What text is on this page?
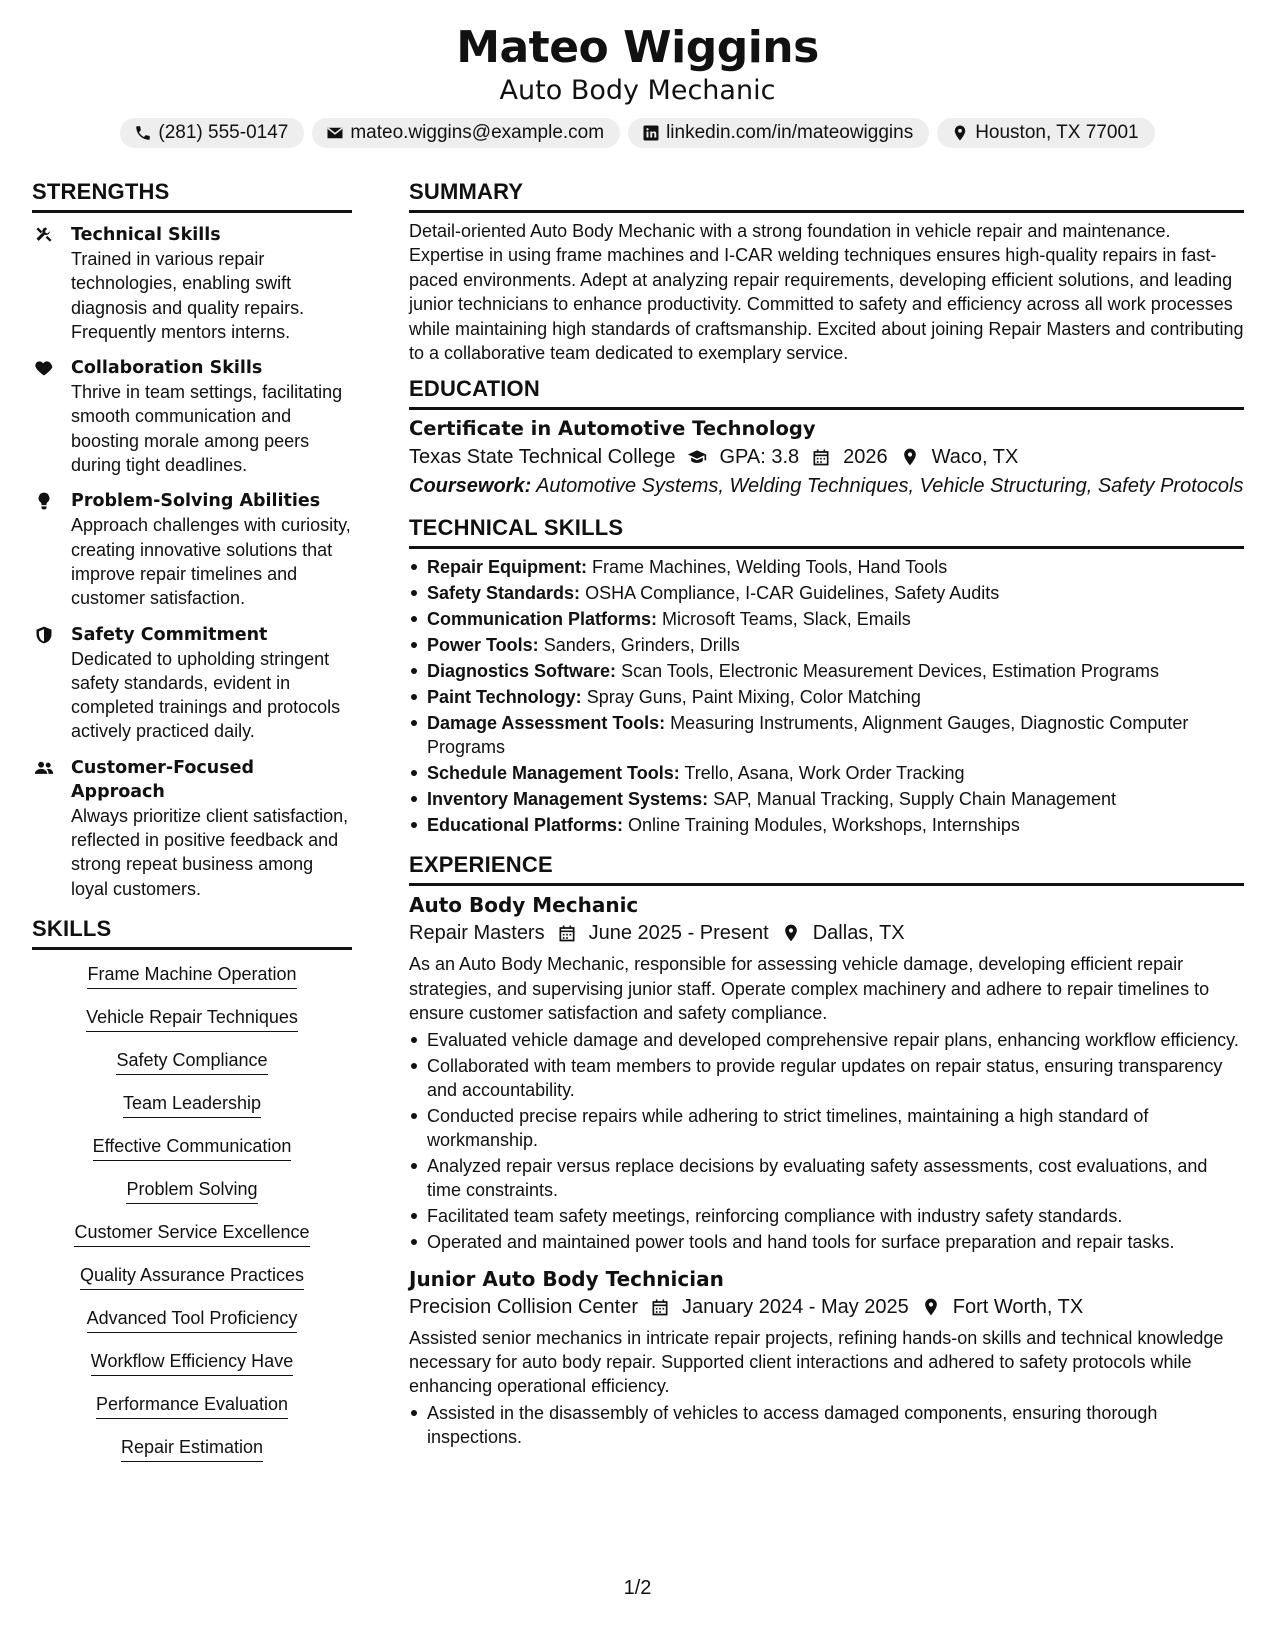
Mateo Wiggins
Auto Body Mechanic
(281) 555-0147	mateo.wiggins@example.com	linkedin.com/in/mateowiggins	Houston, TX 77001
STRENGTHS
Technical Skills
Trained in various repair technologies, enabling swift diagnosis and quality repairs. Frequently mentors interns.
Collaboration Skills
Thrive in team settings, facilitating smooth communication and boosting morale among peers during tight deadlines.
Problem-Solving Abilities
Approach challenges with curiosity, creating innovative solutions that improve repair timelines and customer satisfaction.
Safety Commitment
Dedicated to upholding stringent safety standards, evident in completed trainings and protocols actively practiced daily.
Customer-Focused Approach
Always prioritize client satisfaction, reflected in positive feedback and strong repeat business among loyal customers.
SKILLS
Frame Machine Operation
Vehicle Repair Techniques
Safety Compliance
Team Leadership
Effective Communication
Problem Solving
Customer Service Excellence
Quality Assurance Practices
Advanced Tool Proficiency
Workflow Efficiency Have
Performance Evaluation
Repair Estimation
SUMMARY
Detail-oriented Auto Body Mechanic with a strong foundation in vehicle repair and maintenance. Expertise in using frame machines and I-CAR welding techniques ensures high-quality repairs in fast-paced environments. Adept at analyzing repair requirements, developing efficient solutions, and leading junior technicians to enhance productivity. Committed to safety and efficiency across all work processes while maintaining high standards of craftsmanship. Excited about joining Repair Masters and contributing to a collaborative team dedicated to exemplary service.
EDUCATION
Certificate in Automotive Technology
Texas State Technical College GPA: 3.8 2026 Waco, TX
Coursework: Automotive Systems, Welding Techniques, Vehicle Structuring, Safety Protocols
TECHNICAL SKILLS
Repair Equipment: Frame Machines, Welding Tools, Hand Tools
Safety Standards: OSHA Compliance, I-CAR Guidelines, Safety Audits
Communication Platforms: Microsoft Teams, Slack, Emails
Power Tools: Sanders, Grinders, Drills
Diagnostics Software: Scan Tools, Electronic Measurement Devices, Estimation Programs
Paint Technology: Spray Guns, Paint Mixing, Color Matching
Damage Assessment Tools: Measuring Instruments, Alignment Gauges, Diagnostic Computer Programs
Schedule Management Tools: Trello, Asana, Work Order Tracking
Inventory Management Systems: SAP, Manual Tracking, Supply Chain Management
Educational Platforms: Online Training Modules, Workshops, Internships
EXPERIENCE
Auto Body Mechanic
Repair Masters June 2025 - Present Dallas, TX
As an Auto Body Mechanic, responsible for assessing vehicle damage, developing efficient repair strategies, and supervising junior staff. Operate complex machinery and adhere to repair timelines to ensure customer satisfaction and safety compliance.
Evaluated vehicle damage and developed comprehensive repair plans, enhancing workflow efficiency.
Collaborated with team members to provide regular updates on repair status, ensuring transparency and accountability.
Conducted precise repairs while adhering to strict timelines, maintaining a high standard of workmanship.
Analyzed repair versus replace decisions by evaluating safety assessments, cost evaluations, and time constraints.
Facilitated team safety meetings, reinforcing compliance with industry safety standards.
Operated and maintained power tools and hand tools for surface preparation and repair tasks.
Junior Auto Body Technician
Precision Collision Center January 2024 - May 2025 Fort Worth, TX
Assisted senior mechanics in intricate repair projects, refining hands-on skills and technical knowledge necessary for auto body repair. Supported client interactions and adhered to safety protocols while enhancing operational efficiency.
Assisted in the disassembly of vehicles to access damaged components, ensuring thorough inspections.
1/2
